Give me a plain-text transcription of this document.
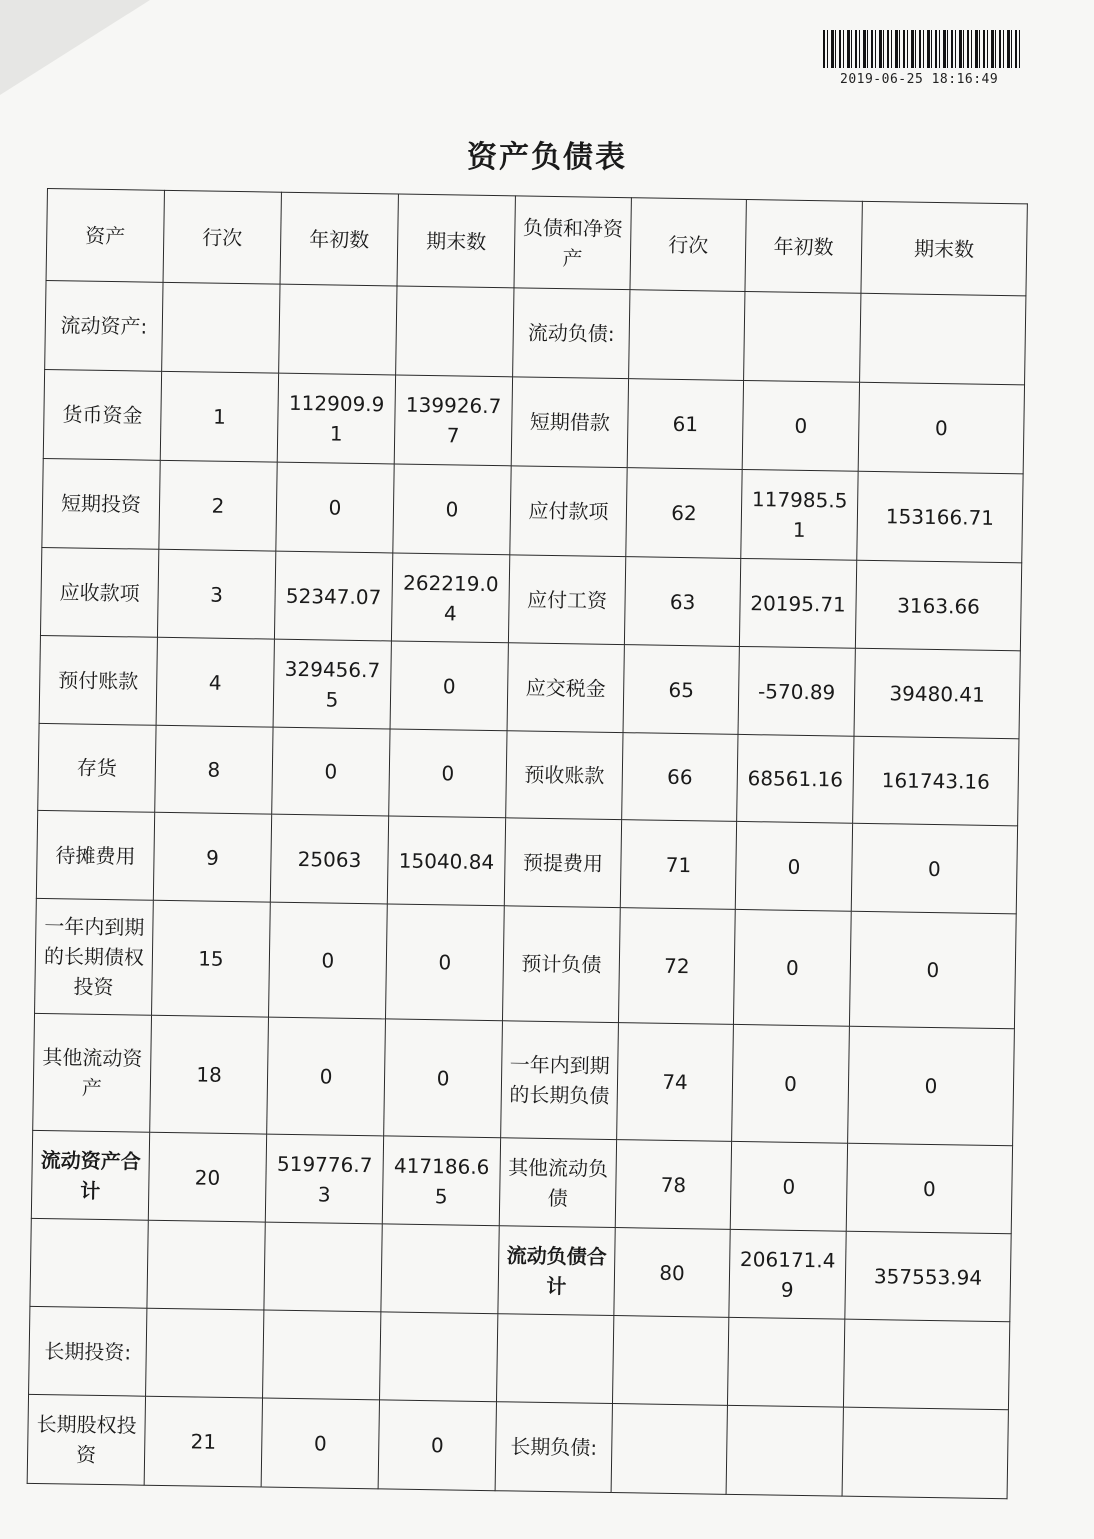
2019-06-25 18:16:49
资产负债表
资产	行次	年初数	期末数	负债和净资产	行次	年初数	期末数
流动资产:				流动负债:			
货币资金	1	112909.91	139926.77	短期借款	61	0	0
短期投资	2	0	0	应付款项	62	117985.51	153166.71
应收款项	3	52347.07	262219.04	应付工资	63	20195.71	3163.66
预付账款	4	329456.75	0	应交税金	65	-570.89	39480.41
存货	8	0	0	预收账款	66	68561.16	161743.16
待摊费用	9	25063	15040.84	预提费用	71	0	0
一年内到期的长期债权投资	15	0	0	预计负债	72	0	0
其他流动资产	18	0	0	一年内到期的长期负债	74	0	0
流动资产合计	20	519776.73	417186.65	其他流动负债	78	0	0
				流动负债合计	80	206171.49	357553.94
长期投资:							
长期股权投资	21	0	0	长期负债:			
